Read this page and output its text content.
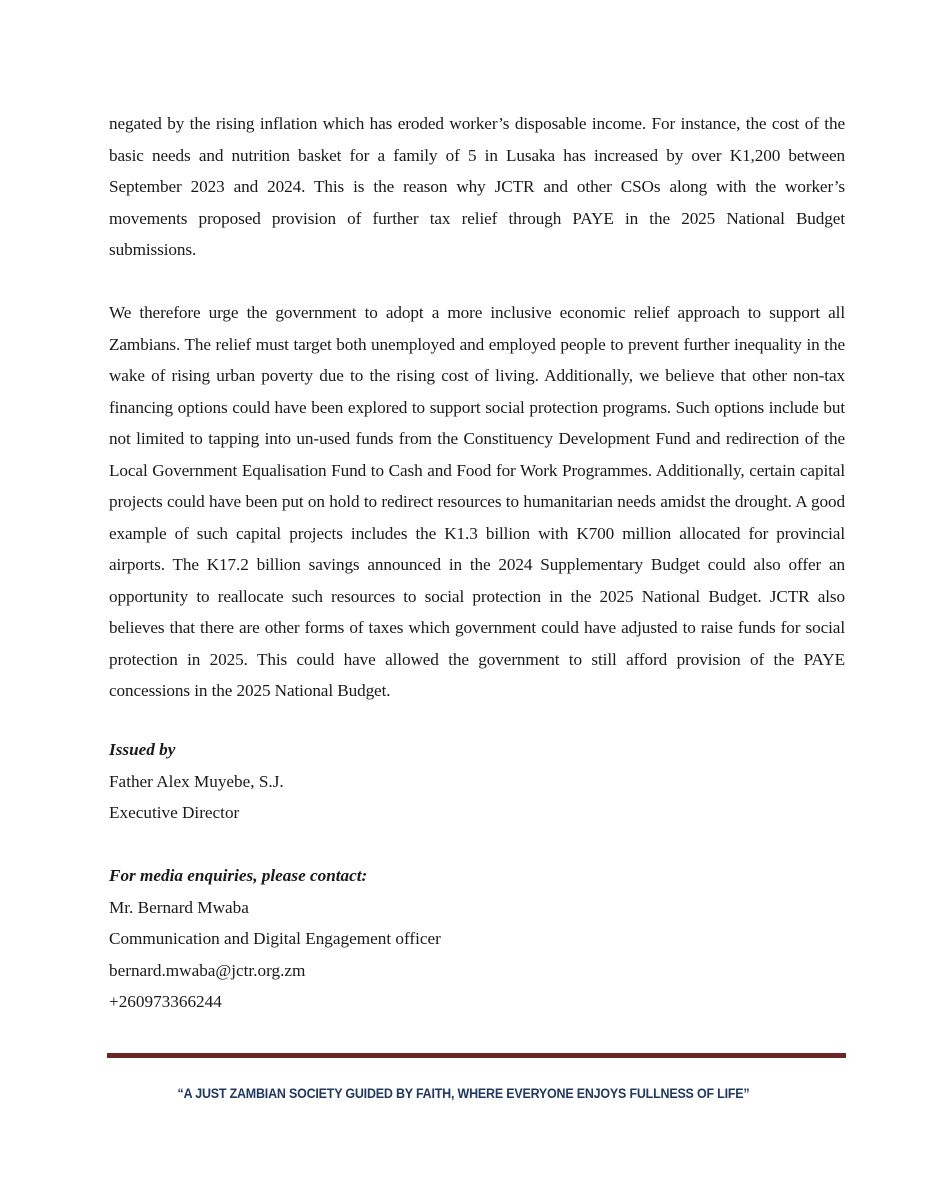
negated by the rising inflation which has eroded worker’s disposable income. For instance, the cost of the basic needs and nutrition basket for a family of 5 in Lusaka has increased by over K1,200 between September 2023 and 2024. This is the reason why JCTR and other CSOs along with the worker’s movements proposed provision of further tax relief through PAYE in the 2025 National Budget submissions.

We therefore urge the government to adopt a more inclusive economic relief approach to support all Zambians. The relief must target both unemployed and employed people to prevent further inequality in the wake of rising urban poverty due to the rising cost of living. Additionally, we believe that other non-tax financing options could have been explored to support social protection programs. Such options include but not limited to tapping into un-used funds from the Constituency Development Fund and redirection of the Local Government Equalisation Fund to Cash and Food for Work Programmes. Additionally, certain capital projects could have been put on hold to redirect resources to humanitarian needs amidst the drought. A good example of such capital projects includes the K1.3 billion with K700 million allocated for provincial airports. The K17.2 billion savings announced in the 2024 Supplementary Budget could also offer an opportunity to reallocate such resources to social protection in the 2025 National Budget. JCTR also believes that there are other forms of taxes which government could have adjusted to raise funds for social protection in 2025. This could have allowed the government to still afford provision of the PAYE concessions in the 2025 National Budget.

Issued by
Father Alex Muyebe, S.J.
Executive Director
For media enquiries, please contact:
Mr. Bernard Mwaba
Communication and Digital Engagement officer
bernard.mwaba@jctr.org.zm
+260973366244
“A JUST ZAMBIAN SOCIETY GUIDED BY FAITH, WHERE EVERYONE ENJOYS FULLNESS OF LIFE”
